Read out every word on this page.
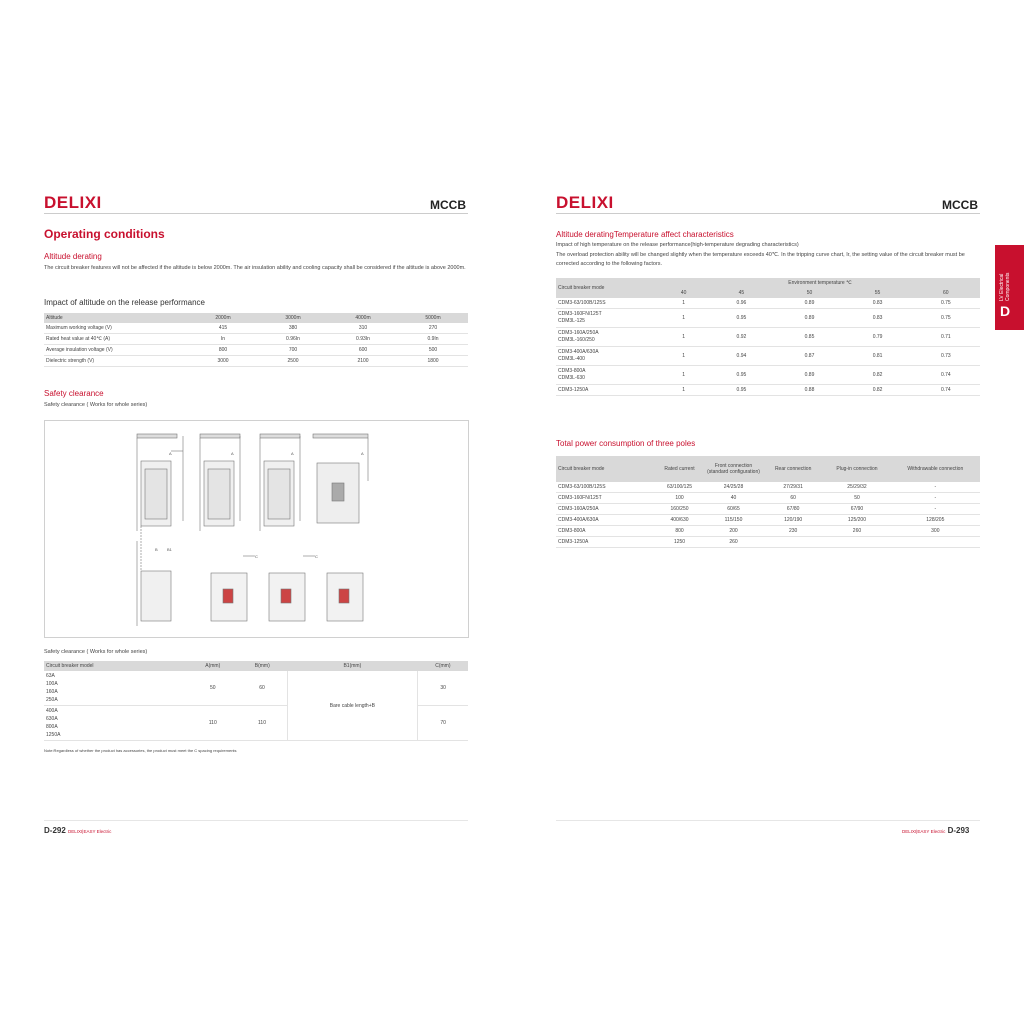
DELIXI	MCCB
Operating conditions
Altitude derating
The circuit breaker features will not be affected if the altitude is below 2000m. The air insulation ability and cooling capacity shall be considered if the altitude is above 2000m.
Impact of altitude on the release performance
Altitude	2000m	3000m	4000m	5000m
Maximum working voltage (V)	415	380	310	270
Rated heat value at 40℃ (A)	In	0.96In	0.93In	0.9In
Average insulation voltage (V)	800	700	600	500
Dielectric strength (V)	3000	2500	2100	1800
Safety clearance
Safety clearance ( Works for whole series)
A	A	A	A
B B1
C	C
Safety clearance ( Works for whole series)
Circuit breaker model	A(mm)	B(mm)	B1(mm)	C(mm)

63A
100A
160A
250A	50	60	Bare cable length+B	30

400A
630A
800A
1250A	110	110		70
Note:Regardless of whether the product has accessories, the product must meet the C spacing requirements
D-292 DELIXI|EASY Electric
DELIXI	MCCB
Altitude deratingTemperature affect characteristics
Impact of high temperature on the release performance(high-temperature degrading characteristics)
The overload protection ability will be changed slightly when the temperature exceeds 40℃. In the tripping curve chart, Ir, the setting value of the circuit breaker must be corrected according to the following factors.
Circuit breaker mode	Environment temperature ℃				
	40	45	50	55	60

CDM3-63/100B/125S	1	0.96	0.89	0.83	0.75

CDM3-160FN/125T
CDM3L-125	1	0.95	0.89	0.83	0.75

CDM3-160A/250A
CDM3L-160/250	1	0.92	0.85	0.79	0.71

CDM3-400A/630A
CDM3L-400	1	0.94	0.87	0.81	0.73

CDM3-800A
CDM3L-630	1	0.95	0.89	0.82	0.74

CDM3-1250A	1	0.95	0.88	0.82	0.74
Total power consumption of three poles
Circuit breaker mode	Rated current	Front connection (standard configuration)	Rear connection	Plug-in connection	Withdrawable connection
CDM3-63/100B/125S	63/100/125	24/25/28	27/29/31	25/29/32	-
CDM3-160FN/125T	100	40	60	50	-
CDM3-160A/250A	160/250	60/65	67/80	67/90	-
CDM3-400A/630A	400/630	115/150	120/190	125/200	128/205
CDM3-800A	800	200	230	260	300
CDM3-1250A	1250	260			
DELIXI|EASY Electric D-293
LV Electrical Components
D
